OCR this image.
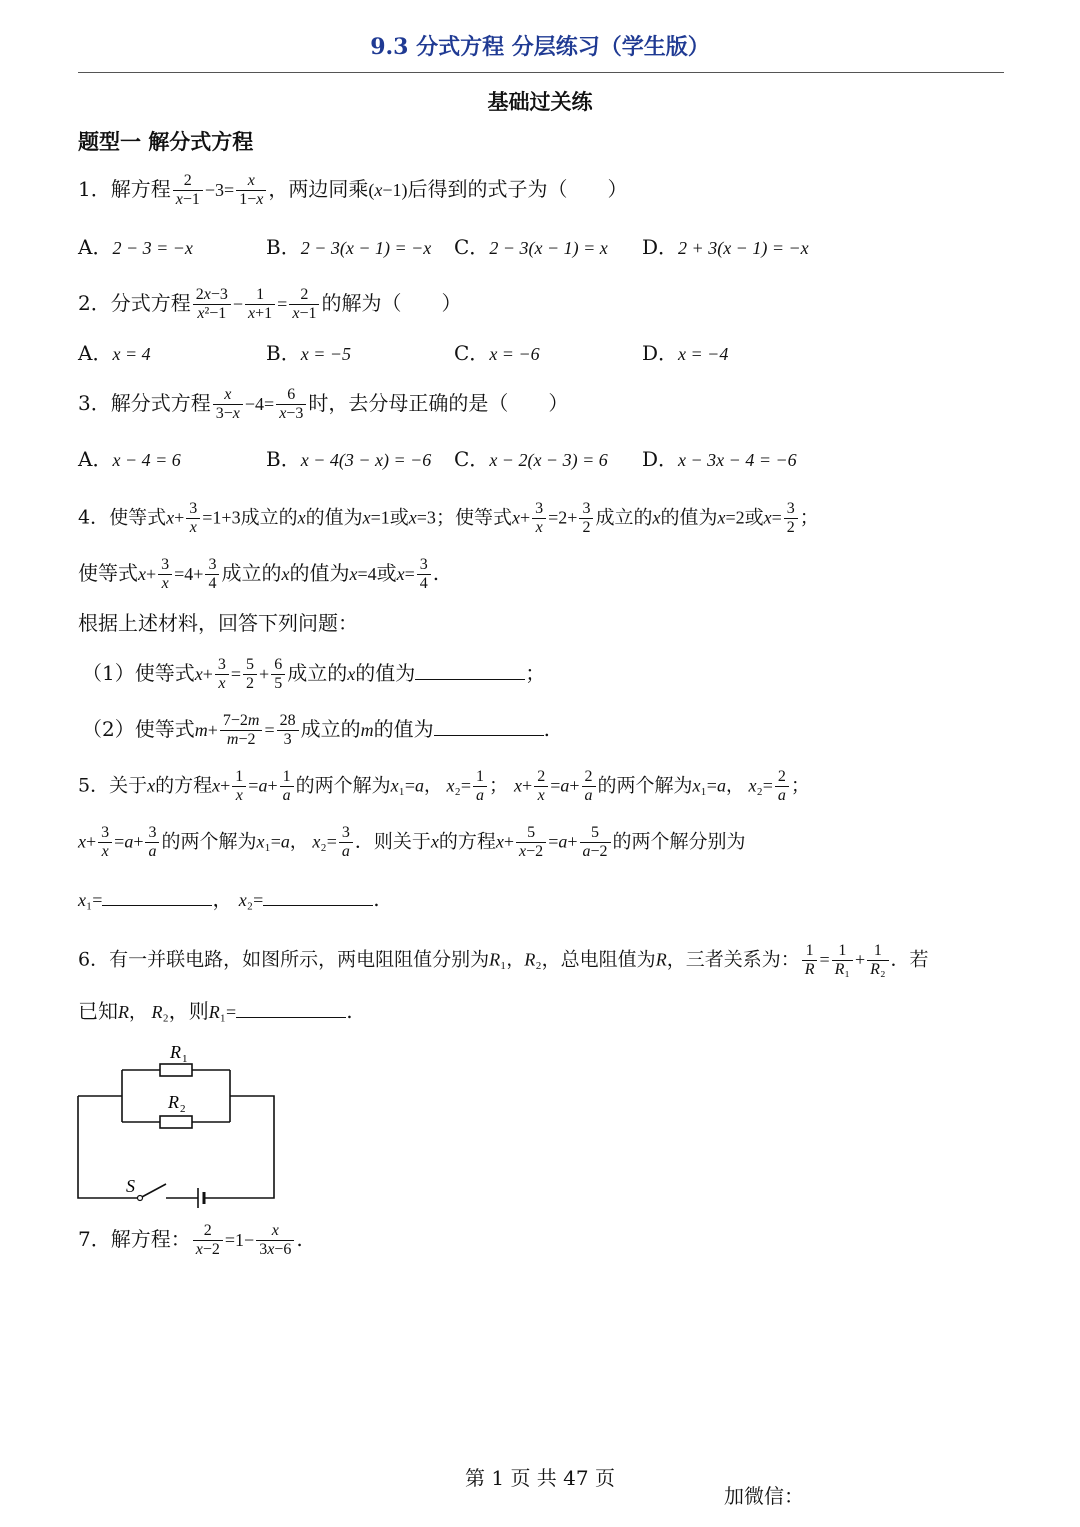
9.3 分式方程 分层练习（学生版）
基础过关练
题型一 解分式方程
1．解方程 $\frac{2}{x-1} -3= \frac{x}{1-x}$ ，两边同乘(x−1)后得到的式子为（　　）
A．2 − 3 = −x	B．2 − 3(x − 1) = −x C．2 − 3(x − 1) = x D．2 + 3(x − 1) = −x
2．分式方程 $\frac{2x-3}{\text{x²−1}} - \frac{1}{x+1} = \frac{2}{x-1}$ 的解为（　　）
A．x = 4	B．x = −5	C．x = −6	D．x = −4
3．解分式方程 $\frac{x}{3-x} -4= \frac{6}{x-3}$ 时，去分母正确的是（　　）
A．x − 4 = 6	B．x − 4(3 − x) = −6 C．x − 2(x − 3) = 6 D．x − 3x − 4 = −6
4．使等式$x+ \frac{3}{x} =1+3$成立的x的值为x=1或x=3；使等式$x+ \frac{3}{x} =2+ \frac{3}{2}$ 成立的x的值为x=2或$x= \frac{3}{2}$ ；
使等式$x+ \frac{3}{x} =4+ \frac{3}{4}$ 成立的x的值为x=4或$x= \frac{3}{4}$ .
根据上述材料，回答下列问题：
（1）使等式$x+ \frac{3}{x} = \frac{5}{2} + \frac{6}{5}$ 成立的x的值为	；
（2）使等式$m+ \frac{7-2m}{m-2} = \frac{28}{3}$ 成立的m的值为	.
5．关于x的方程$x+ \frac{1}{x} =a+ \frac{1}{a}$ 的两个解为x₁=a， $x_2= \frac{1}{a}$ ； $x+ \frac{2}{x} =a+ \frac{2}{a}$ 的两个解为x₁=a， $x_2= \frac{2}{a}$ ；
$x+ \frac{3}{x} =a+ \frac{3}{a}$ 的两个解为x₁=a， $x_2= \frac{3}{a}$ ．则关于x的方程$x+ \frac{5}{x-2} =a+ \frac{5}{a-2}$ 的两个解分别为
x₁=	， x₂=	.
6．有一并联电路，如图所示，两电阻阻值分别为R₁，R₂，总电阻值为R，三者关系为： $\frac{1}{R} = \frac{1}{\text{R₁}} + \frac{1}{\text{R₂}}$ ．若
已知R， R₂，则R₁=	.
R 1
R 2
S
7．解方程： $\frac{2}{x-2} =1- \frac{x}{3x-6}$ .
第 1 页 共 47 页
加微信：
